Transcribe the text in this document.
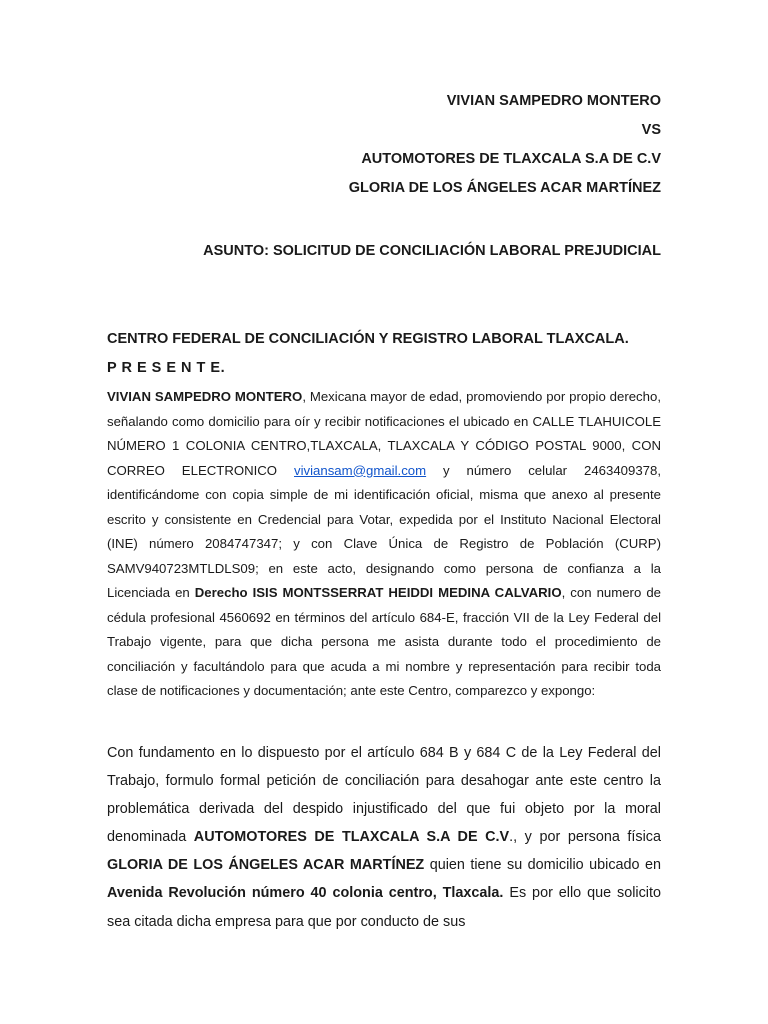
VIVIAN SAMPEDRO MONTERO
VS
AUTOMOTORES DE TLAXCALA S.A DE C.V
GLORIA DE LOS ÁNGELES ACAR MARTÍNEZ
ASUNTO: SOLICITUD DE CONCILIACIÓN LABORAL PREJUDICIAL
CENTRO FEDERAL DE CONCILIACIÓN Y REGISTRO LABORAL TLAXCALA.
P R E S E N T E.
VIVIAN SAMPEDRO MONTERO, Mexicana mayor de edad, promoviendo por propio derecho, señalando como domicilio para oír y recibir notificaciones el ubicado en CALLE TLAHUICOLE NÚMERO 1 COLONIA CENTRO,TLAXCALA, TLAXCALA Y CÓDIGO POSTAL 9000, CON CORREO ELECTRONICO viviansam@gmail.com y número celular 2463409378, identificándome con copia simple de mi identificación oficial, misma que anexo al presente escrito y consistente en Credencial para Votar, expedida por el Instituto Nacional Electoral (INE) número 2084747347; y con Clave Única de Registro de Población (CURP) SAMV940723MTLDLS09; en este acto, designando como persona de confianza a la Licenciada en Derecho ISIS MONTSSERRAT HEIDDI MEDINA CALVARIO, con numero de cédula profesional 4560692 en términos del artículo 684-E, fracción VII de la Ley Federal del Trabajo vigente, para que dicha persona me asista durante todo el procedimiento de conciliación y facultándolo para que acuda a mi nombre y representación para recibir toda clase de notificaciones y documentación; ante este Centro, comparezco y expongo:
Con fundamento en lo dispuesto por el artículo 684 B y 684 C de la Ley Federal del Trabajo, formulo formal petición de conciliación para desahogar ante este centro la problemática derivada del despido injustificado del que fui objeto por la moral denominada AUTOMOTORES DE TLAXCALA S.A DE C.V., y por persona física GLORIA DE LOS ÁNGELES ACAR MARTÍNEZ quien tiene su domicilio ubicado en Avenida Revolución número 40 colonia centro, Tlaxcala. Es por ello que solicito sea citada dicha empresa para que por conducto de sus
